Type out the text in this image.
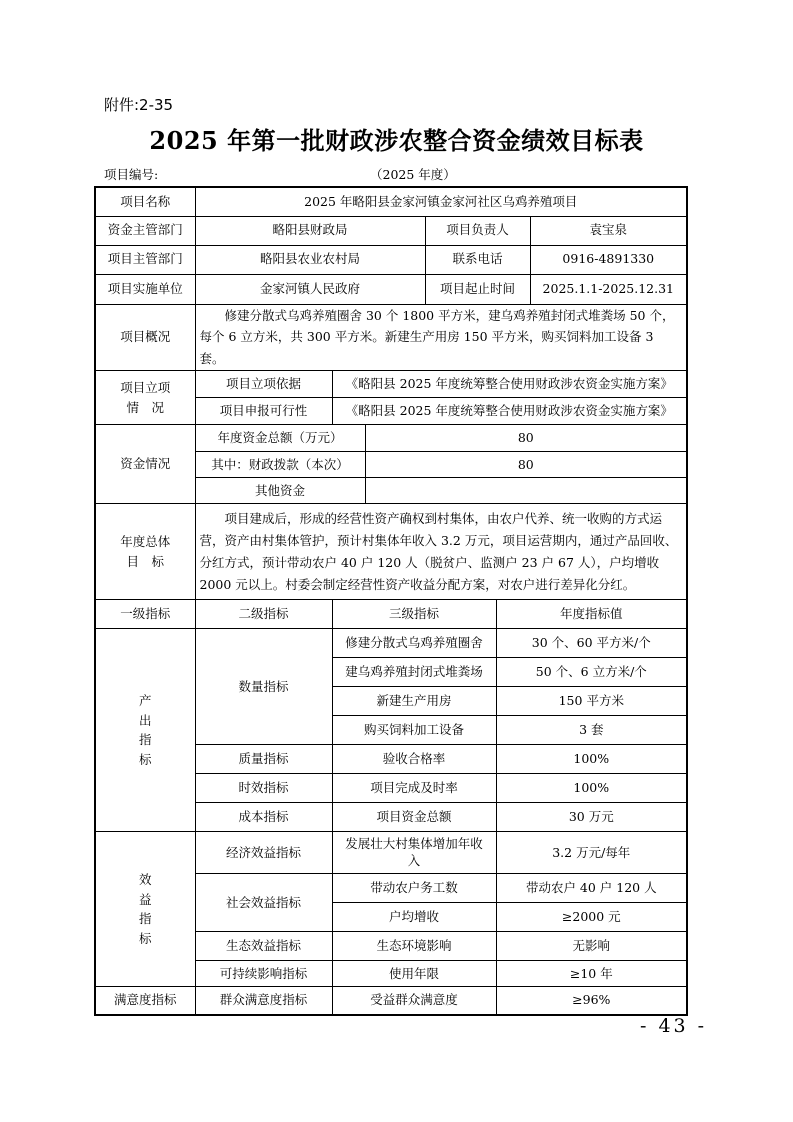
附件:2-35
2025 年第一批财政涉农整合资金绩效目标表
项目编号:	（2025 年度）
项目名称	2025 年略阳县金家河镇金家河社区乌鸡养殖项目					
资金主管部门	略阳县财政局			项目负责人		袁宝泉
项目主管部门	略阳县农业农村局			联系电话		0916-4891330
项目实施单位	金家河镇人民政府			项目起止时间		2025.1.1-2025.12.31
项目概况	修建分散式乌鸡养殖圈舍 30 个 1800 平方米，建乌鸡养殖封闭式堆粪场 50 个，每个 6 立方米，共 300 平方米。新建生产用房 150 平方米，购买饲料加工设备 3 套。					

项目立项
情　况	项目立项依据	《略阳县 2025 年度统筹整合使用财政涉农资金实施方案》				
	项目申报可行性	《略阳县 2025 年度统筹整合使用财政涉农资金实施方案》				
资金情况	年度资金总额（万元）		80			
	其中：财政拨款（本次）		80			
	其他资金					

年度总体
目　标	项目建成后，形成的经营性资产确权到村集体，由农户代养、统一收购的方式运营，资产由村集体管护，预计村集体年收入 3.2 万元，项目运营期内，通过产品回收、分红方式，预计带动农户 40 户 120 人（脱贫户、监测户 23 户 67 人），户均增收 2000 元以上。村委会制定经营性资产收益分配方案，对农户进行差异化分红。					

一级指标	二级指标	三级指标			年度指标值	

产
出
指
标	数量指标	修建分散式乌鸡养殖圈舍			30 个、60 平方米/个	
		建乌鸡养殖封闭式堆粪场			50 个、6 立方米/个	
		新建生产用房			150 平方米	
		购买饲料加工设备			3 套	
	质量指标	验收合格率			100%	
	时效指标	项目完成及时率			100%	
	成本指标	项目资金总额			30 万元	

效
益
指
标	经济效益指标	发展壮大村集体增加年收
入			3.2 万元/每年	
	社会效益指标	带动农户务工数			带动农户 40 户 120 人	
		户均增收			≥2000 元	
	生态效益指标	生态环境影响			无影响	
	可持续影响指标	使用年限			≥10 年	

满意度指标	群众满意度指标	受益群众满意度			≥96%	
- 43 -
